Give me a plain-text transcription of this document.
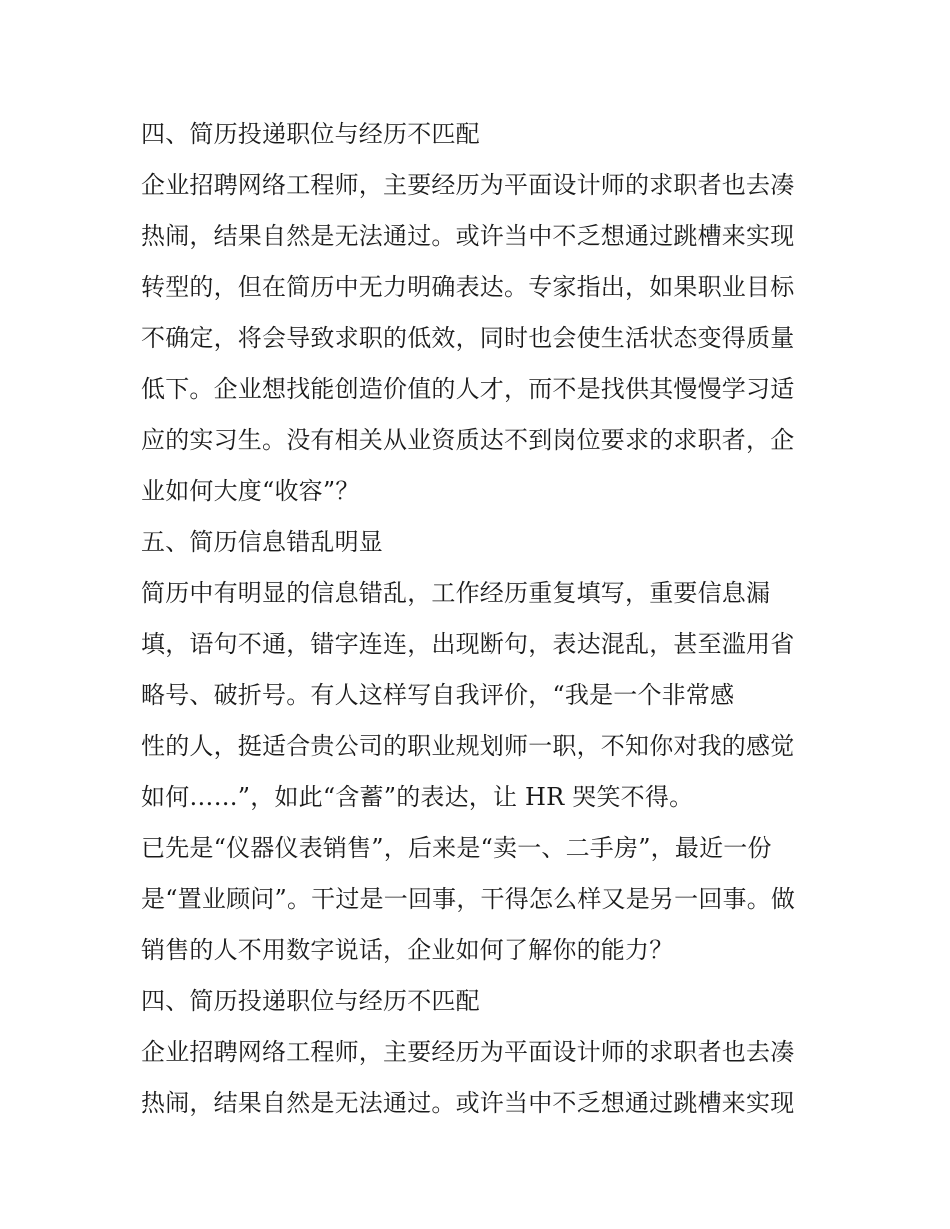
四、简历投递职位与经历不匹配
企业招聘网络工程师，主要经历为平面设计师的求职者也去凑
热闹，结果自然是无法通过。或许当中不乏想通过跳槽来实现
转型的，但在简历中无力明确表达。专家指出，如果职业目标
不确定，将会导致求职的低效，同时也会使生活状态变得质量
低下。企业想找能创造价值的人才，而不是找供其慢慢学习适
应的实习生。没有相关从业资质达不到岗位要求的求职者，企
业如何大度“收容”？
五、简历信息错乱明显
简历中有明显的信息错乱，工作经历重复填写，重要信息漏
填，语句不通，错字连连，出现断句，表达混乱，甚至滥用省
略号、破折号。有人这样写自我评价，“我是一个非常感
性的人，挺适合贵公司的职业规划师一职，不知你对我的感觉
如何……”，如此“含蓄”的表达，让 HR 哭笑不得。
已先是“仪器仪表销售”，后来是“卖一、二手房”，最近一份
是“置业顾问”。干过是一回事，干得怎么样又是另一回事。做
销售的人不用数字说话，企业如何了解你的能力？
四、简历投递职位与经历不匹配
企业招聘网络工程师，主要经历为平面设计师的求职者也去凑
热闹，结果自然是无法通过。或许当中不乏想通过跳槽来实现
